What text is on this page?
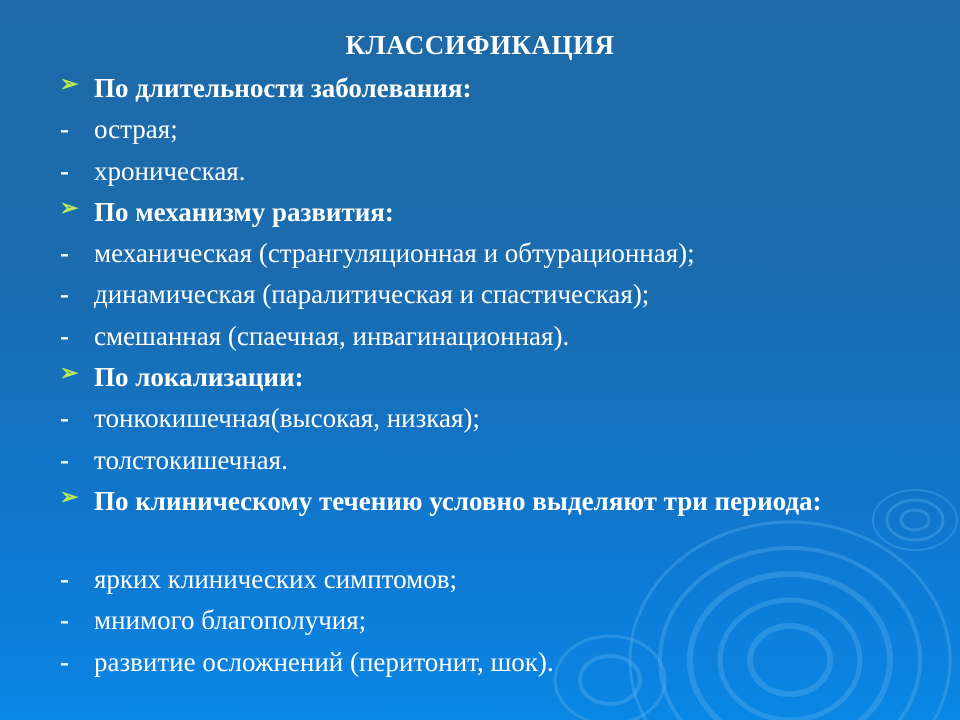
КЛАССИФИКАЦИЯ
➢ По длительности заболевания:
- острая;
- хроническая.
➢ По механизму развития:
- механическая (странгуляционная и обтурационная);
- динамическая (паралитическая и спастическая);
- смешанная (спаечная, инвагинационная).
➢ По локализации:
- тонкокишечная(высокая, низкая);
- толстокишечная.
➢ По клиническому течению условно выделяют три периода:
- ярких клинических симптомов;
- мнимого благополучия;
- развитие осложнений (перитонит, шок).
